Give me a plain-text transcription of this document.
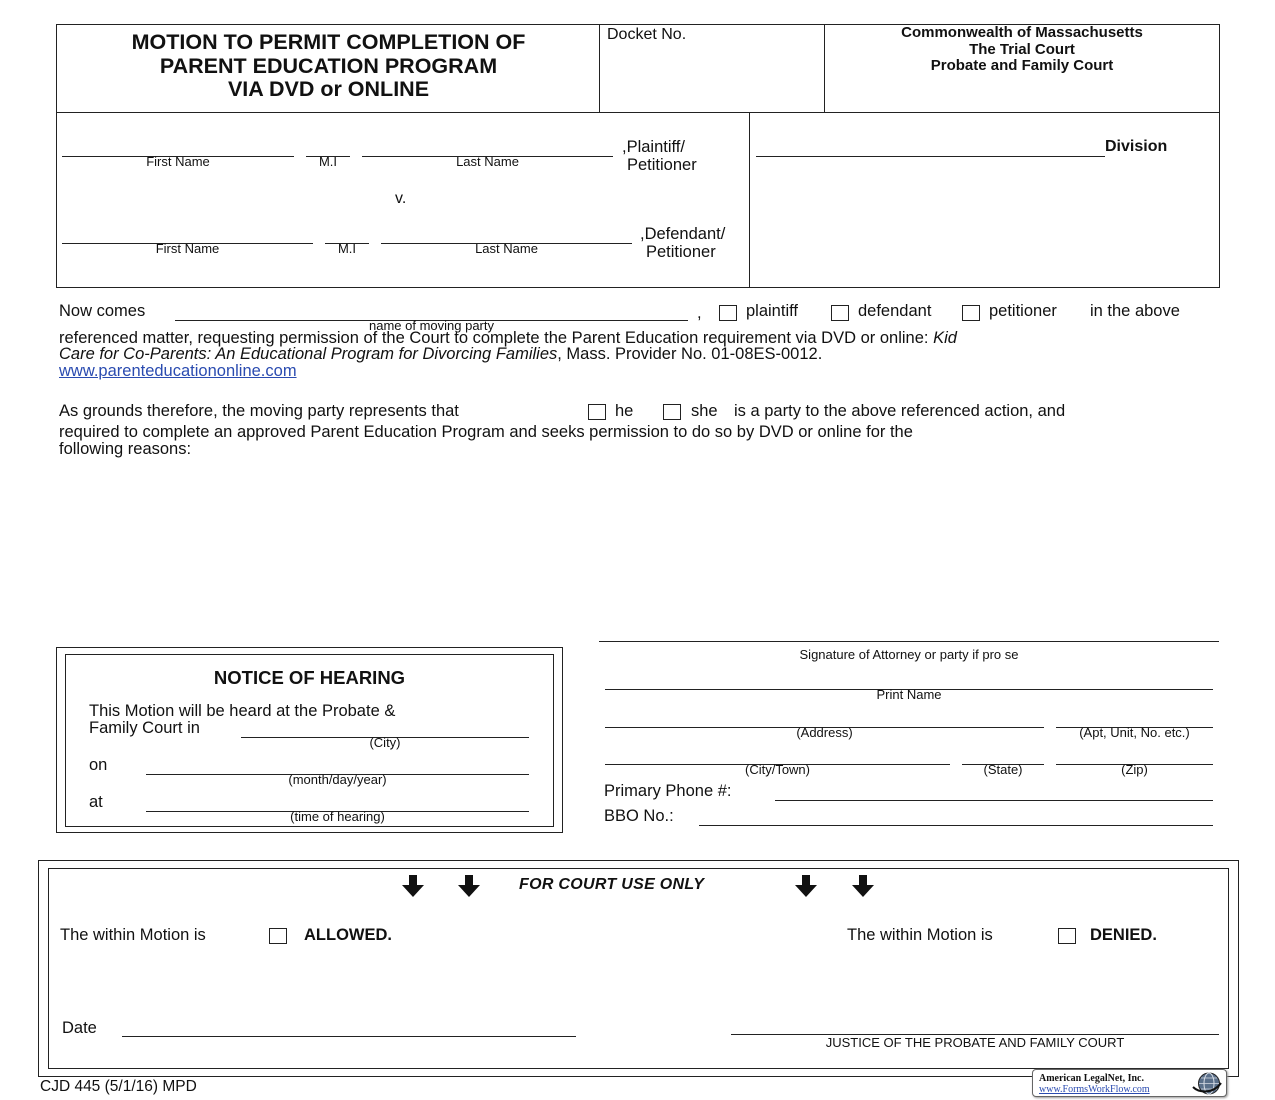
MOTION TO PERMIT COMPLETION OF
PARENT EDUCATION PROGRAM
VIA DVD or ONLINE
Docket No.	Commonwealth of Massachusetts
The Trial Court
Probate and Family Court
First Name	M.I	Last Name
,Plaintiff/
Petitioner
v.
First Name	M.I	Last Name
,Defendant/
Petitioner
Division
Now comes
name of moving party
,	plaintiff	defendant	petitioner in the above
referenced matter, requesting permission of the Court to complete the Parent Education requirement via DVD or online: Kid
Care for Co-Parents: An Educational Program for Divorcing Families, Mass. Provider No. 01-08ES-0012.
www.parenteducationonline.com
As grounds therefore, the moving party represents that	he	she is a party to the above referenced action, and
required to complete an approved Parent Education Program and seeks permission to do so by DVD or online for the
following reasons:
NOTICE OF HEARING
This Motion will be heard at the Probate &
Family Court in
(City)
on
(month/day/year)
at
(time of hearing)
Signature of Attorney or party if pro se
Print Name
(Address)	(Apt, Unit, No. etc.)
(City/Town)	(State)	(Zip)
Primary Phone #:
BBO No.:
FOR COURT USE ONLY
The within Motion is	ALLOWED.	The within Motion is	DENIED.
Date
JUSTICE OF THE PROBATE AND FAMILY COURT
CJD 445 (5/1/16) MPD	American LegalNet, Inc.
www.FormsWorkFlow.com
